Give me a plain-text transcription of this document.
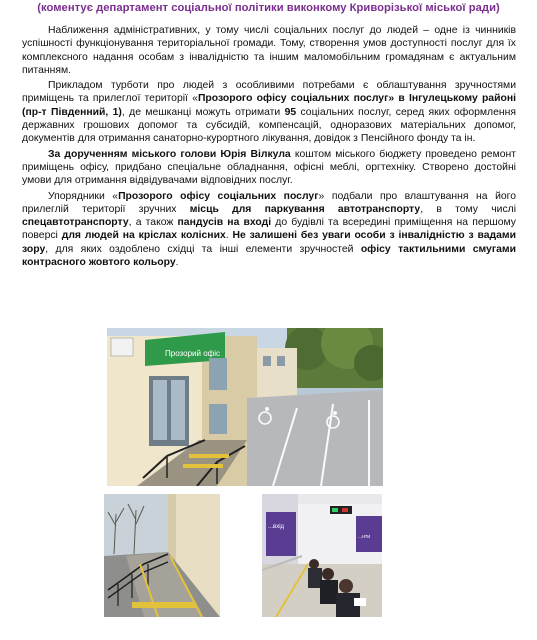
(коментує департамент соціальної політики виконкому Криворізької міської ради)

Наближення адміністративних, у тому числі соціальних послуг до людей – одне із чинників успішності функціонування територіальної громади. Тому, створення умов доступності послуг для їх комплексного надання особам з інвалідністю та іншим маломобільним громадянам є актуальним питанням.

Прикладом турботи про людей з особливими потребами є облаштування зручностями приміщень та прилеглої території «Прозорого офісу соціальних послуг» в Інгулецькому районі (пр-т Південний, 1), де мешканці можуть отримати 95 соціальних послуг, серед яких оформлення державних грошових допомог та субсидій, компенсацій, одноразових матеріальних допомог, документів для отримання санаторно-курортного лікування, довідок з Пенсійного фонду та ін.

За дорученням міського голови Юрія Вілкула коштом міського бюджету проведено ремонт приміщень офісу, придбано спеціальне обладнання, офісні меблі, оргтехніку. Створено достойні умови для отримання відвідувачами відповідних послуг.

Упорядники «Прозорого офісу соціальних послуг» подбали про влаштування на його прилеглій території зручних місць для паркування автотранспорту, в тому числі спецавтотранспорту, а також пандусів на вході до будівлі та всередині приміщення на першому поверсі для людей на кріслах колісних. Не залишені без уваги особи з інвалідністю з вадами зору, для яких оздоблено східці та інші елементи зручностей офісу тактильними смугами контрасного жовтого кольору.

Прозорий офіс
...вхід
...нти
